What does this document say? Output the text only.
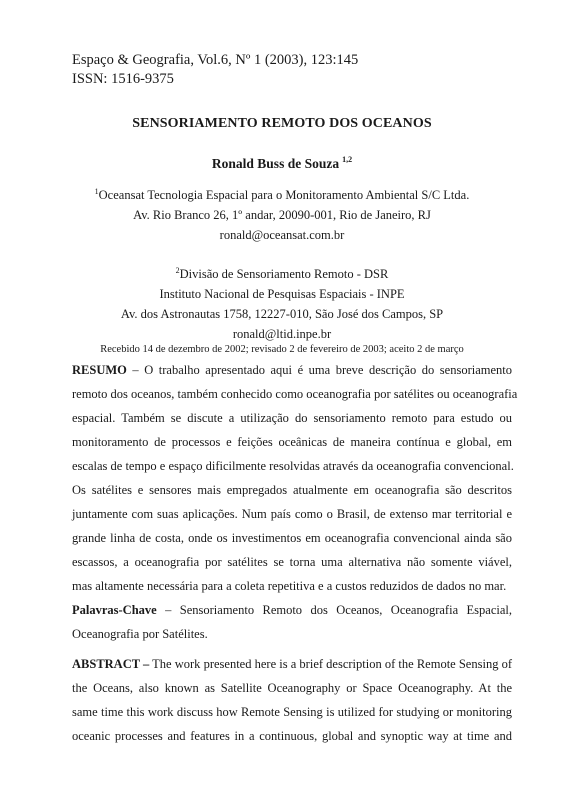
Espaço & Geografia, Vol.6, Nº 1 (2003), 123:145
ISSN: 1516-9375
SENSORIAMENTO REMOTO DOS OCEANOS
Ronald Buss de Souza $^{1,2}$
$^1$Oceansat Tecnologia Espacial para o Monitoramento Ambiental S/C Ltda.
Av. Rio Branco 26, 1º andar, 20090-001, Rio de Janeiro, RJ
ronald@oceansat.com.br
$^2$Divisão de Sensoriamento Remoto - DSR
Instituto Nacional de Pesquisas Espaciais - INPE
Av. dos Astronautas 1758, 12227-010, São José dos Campos, SP
ronald@ltid.inpe.br
Recebido 14 de dezembro de 2002; revisado 2 de fevereiro de 2003; aceito 2 de março
RESUMO – O trabalho apresentado aqui é uma breve descrição do sensoriamento
remoto dos oceanos, também conhecido como oceanografia por satélites ou oceanografia
espacial. Também se discute a utilização do sensoriamento remoto para estudo ou
monitoramento de processos e feições oceânicas de maneira contínua e global, em
escalas de tempo e espaço dificilmente resolvidas através da oceanografia convencional.
Os satélites e sensores mais empregados atualmente em oceanografia são descritos
juntamente com suas aplicações. Num país como o Brasil, de extenso mar territorial e
grande linha de costa, onde os investimentos em oceanografia convencional ainda são
escassos, a oceanografia por satélites se torna uma alternativa não somente viável,
mas altamente necessária para a coleta repetitiva e a custos reduzidos de dados no mar.
Palavras-Chave – Sensoriamento Remoto dos Oceanos, Oceanografia Espacial,
Oceanografia por Satélites.
ABSTRACT – The work presented here is a brief description of the Remote Sensing of
the Oceans, also known as Satellite Oceanography or Space Oceanography. At the
same time this work discuss how Remote Sensing is utilized for studying or monitoring
oceanic processes and features in a continuous, global and synoptic way at time and
